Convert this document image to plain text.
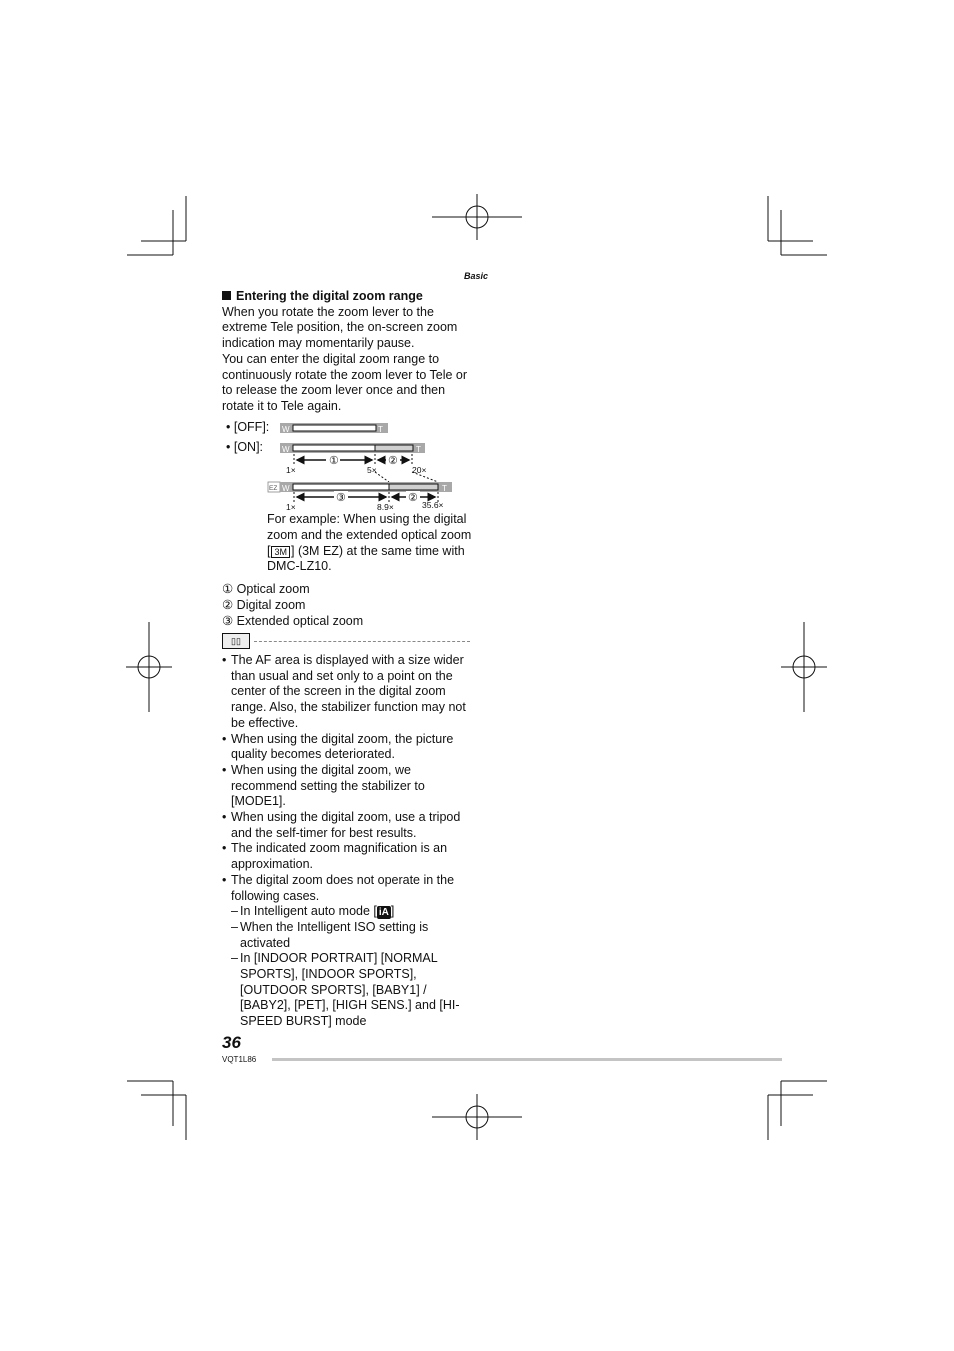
Basic
Entering the digital zoom range

When you rotate the zoom lever to the extreme Tele position, the on-screen zoom indication may momentarily pause.

You can enter the digital zoom range to continuously rotate the zoom lever to Tele or to release the zoom lever once and then rotate it to Tele again.

• [OFF]:
• [ON]:
W	T
W	T
EZ W	T
①	②
③	②
1×	5×	20×
1×	8.9×	35.6×
For example: When using the digital zoom and the extended optical zoom [ 3M ] (3M EZ) at the same time with DMC-LZ10.
① Optical zoom
② Digital zoom
③ Extended optical zoom
▯▯
• The AF area is displayed with a size wider than usual and set only to a point on the center of the screen in the digital zoom range. Also, the stabilizer function may not be effective.
• When using the digital zoom, the picture quality becomes deteriorated.
• When using the digital zoom, we recommend setting the stabilizer to [MODE1].
• When using the digital zoom, use a tripod and the self-timer for best results.
• The indicated zoom magnification is an approximation.
• The digital zoom does not operate in the following cases.
– In Intelligent auto mode [ iA ]
– When the Intelligent ISO setting is activated
– In [INDOOR PORTRAIT] [NORMAL SPORTS], [INDOOR SPORTS], [OUTDOOR SPORTS], [BABY1] / [BABY2], [PET], [HIGH SENS.] and [HI-SPEED BURST] mode
36
VQT1L86
